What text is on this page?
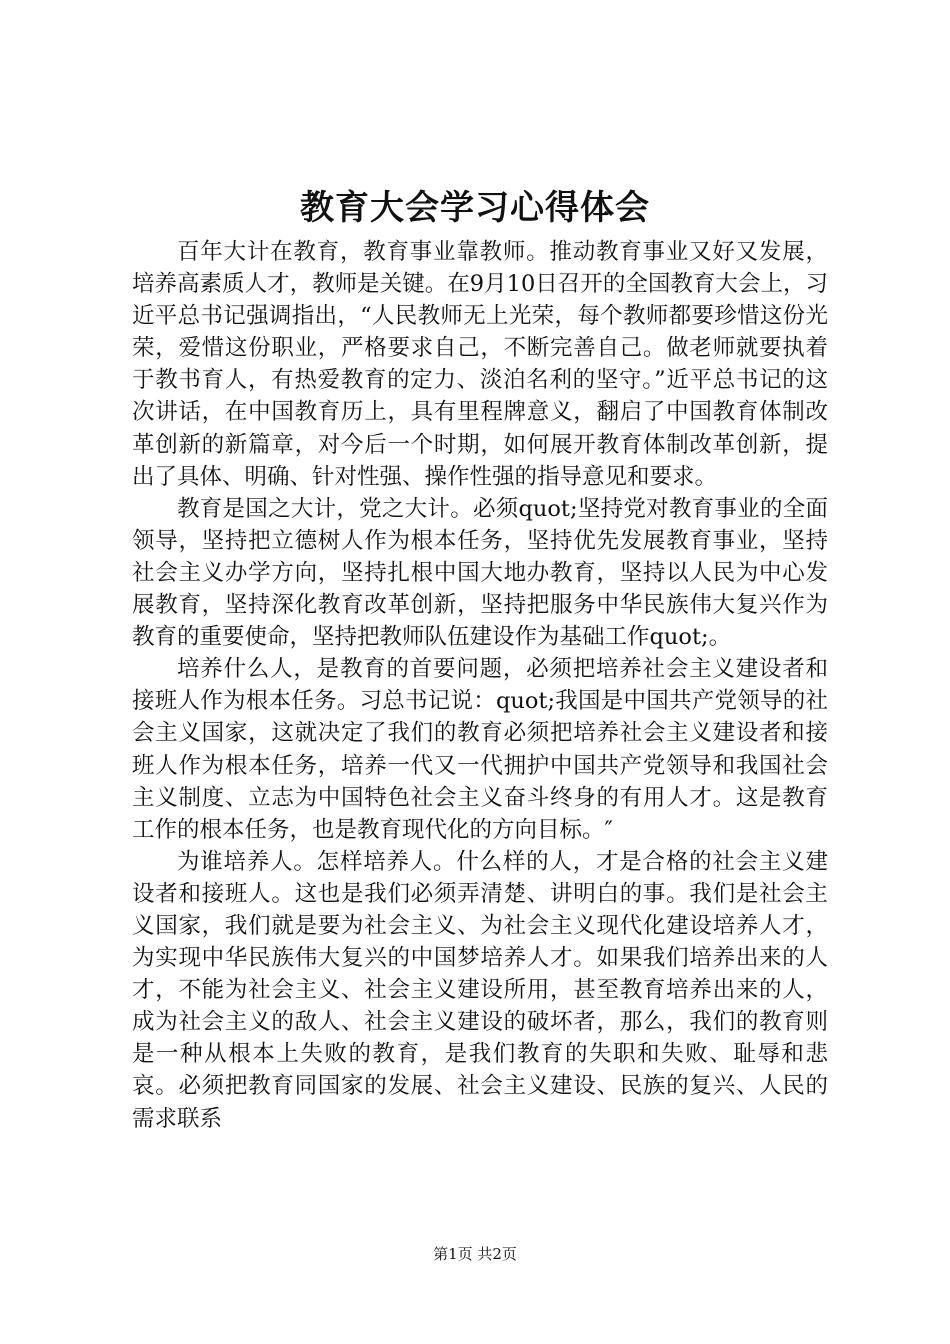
教育大会学习心得体会

百年大计在教育，教育事业靠教师。推动教育事业又好又发展，培养高素质人才，教师是关键。在9月10日召开的全国教育大会上，习近平总书记强调指出，“人民教师无上光荣，每个教师都要珍惜这份光荣，爱惜这份职业，严格要求自己，不断完善自己。做老师就要执着于教书育人，有热爱教育的定力、淡泊名利的坚守。”近平总书记的这次讲话，在中国教育历上，具有里程牌意义，翻启了中国教育体制改革创新的新篇章，对今后一个时期，如何展开教育体制改革创新，提出了具体、明确、针对性强、操作性强的指导意见和要求。

教育是国之大计，党之大计。必须quot;坚持党对教育事业的全面领导，坚持把立德树人作为根本任务，坚持优先发展教育事业，坚持社会主义办学方向，坚持扎根中国大地办教育，坚持以人民为中心发展教育，坚持深化教育改革创新，坚持把服务中华民族伟大复兴作为教育的重要使命，坚持把教师队伍建设作为基础工作quot;。

培养什么人，是教育的首要问题，必须把培养社会主义建设者和接班人作为根本任务。习总书记说：quot;我国是中国共产党领导的社会主义国家，这就决定了我们的教育必须把培养社会主义建设者和接班人作为根本任务，培养一代又一代拥护中国共产党领导和我国社会主义制度、立志为中国特色社会主义奋斗终身的有用人才。这是教育工作的根本任务，也是教育现代化的方向目标。″

为谁培养人。怎样培养人。什么样的人，才是合格的社会主义建设者和接班人。这也是我们必须弄清楚、讲明白的事。我们是社会主义国家，我们就是要为社会主义、为社会主义现代化建设培养人才，为实现中华民族伟大复兴的中国梦培养人才。如果我们培养出来的人才，不能为社会主义、社会主义建设所用，甚至教育培养出来的人，成为社会主义的敌人、社会主义建设的破坏者，那么，我们的教育则是一种从根本上失败的教育，是我们教育的失职和失败、耻辱和悲哀。必须把教育同国家的发展、社会主义建设、民族的复兴、人民的需求联系

第1页 共2页
